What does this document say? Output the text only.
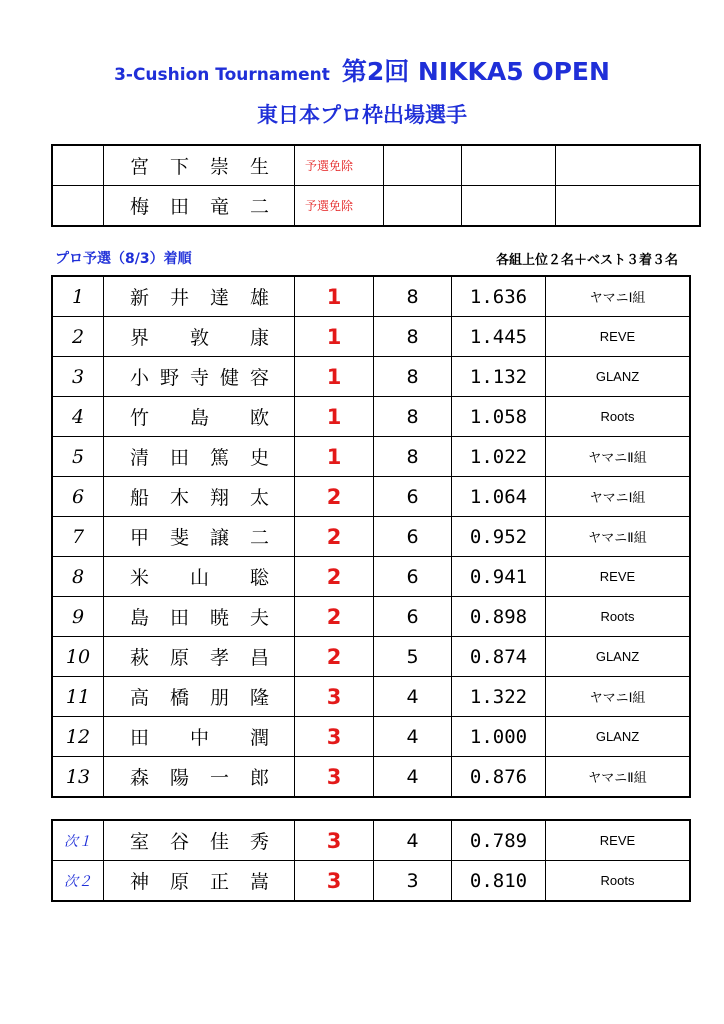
3-Cushion Tournament 第2回 NIKKA5 OPEN
東日本プロ枠出場選手

	宮 下 崇 生	予選免除			

	梅 田 竜 二	予選免除			
プロ予選（8/3）着順	各組上位２名＋ベスト３着３名
1	新 井 達 雄	1	8	1.636	ヤマニⅠ組
2	界 敦 康	1	8	1.445	REVE
3	小 野 寺 健 容	1	8	1.132	GLANZ
4	竹 島 欧	1	8	1.058	Roots
5	清 田 篤 史	1	8	1.022	ヤマニⅡ組
6	船 木 翔 太	2	6	1.064	ヤマニⅠ組
7	甲 斐 譲 二	2	6	0.952	ヤマニⅡ組
8	米 山 聡	2	6	0.941	REVE
9	島 田 暁 夫	2	6	0.898	Roots
10	萩 原 孝 昌	2	5	0.874	GLANZ
11	高 橋 朋 隆	3	4	1.322	ヤマニⅠ組
12	田 中 潤	3	4	1.000	GLANZ
13	森 陽 一 郎	3	4	0.876	ヤマニⅡ組
次１	室 谷 佳 秀	3	4	0.789	REVE
次２	神 原 正 嵩	3	3	0.810	Roots
